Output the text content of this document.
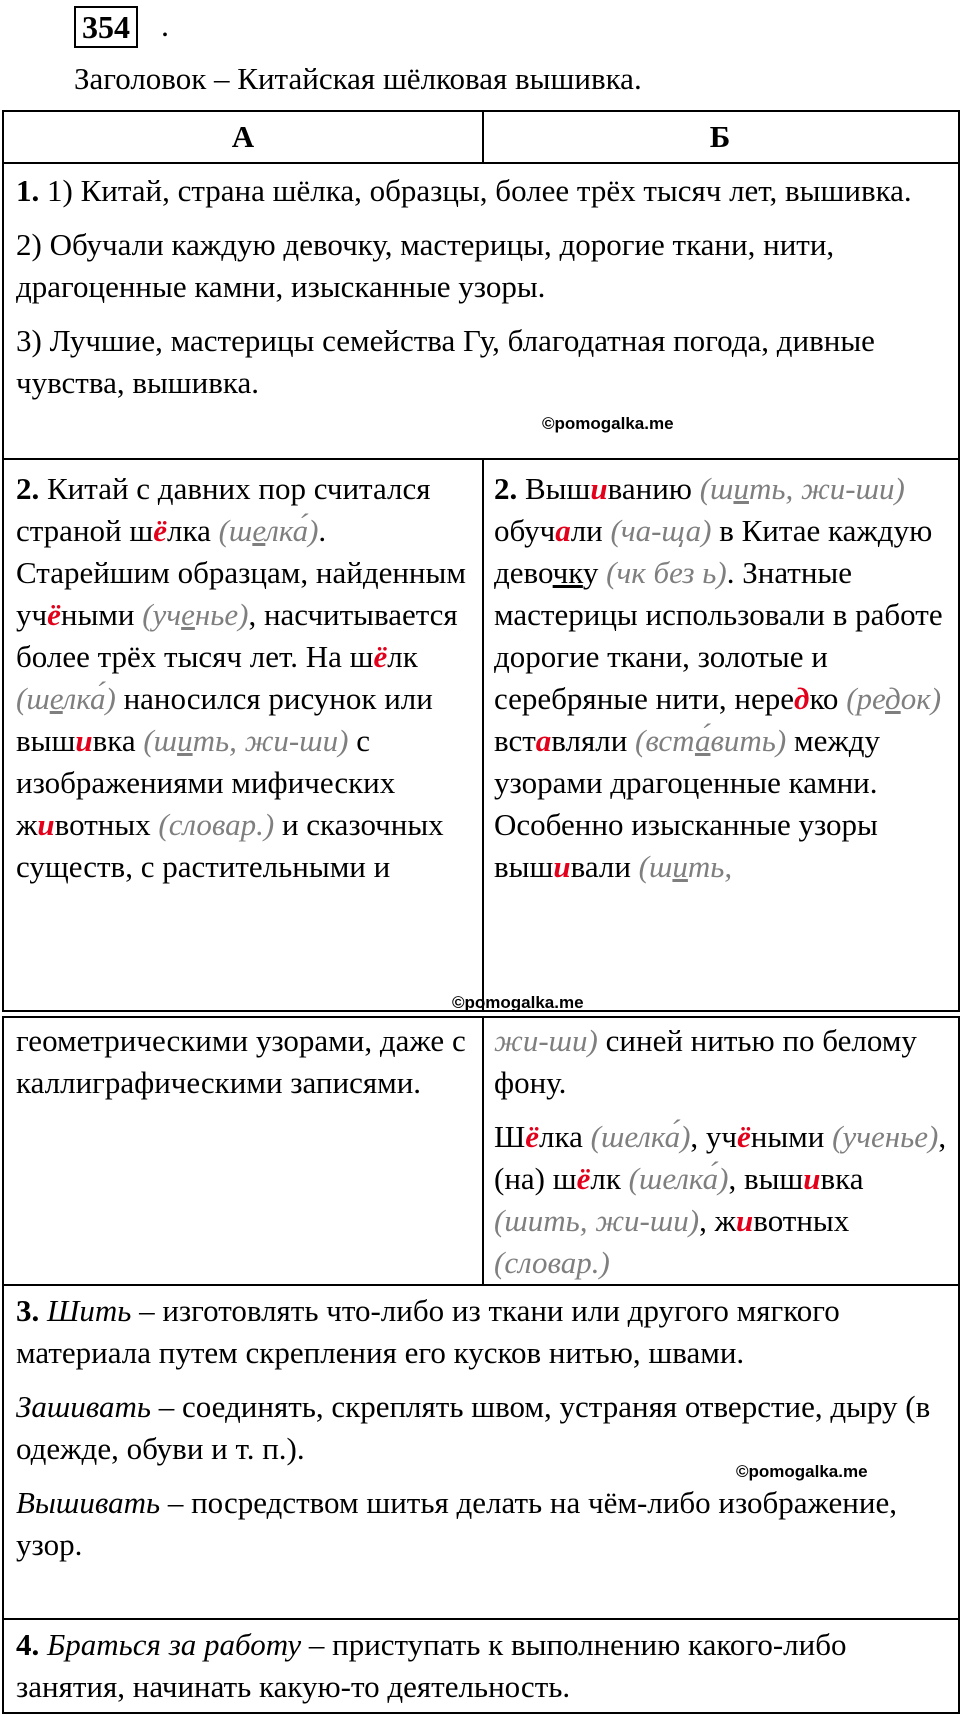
354 .
Заголовок – Китайская шёлковая вышивка.
А	Б

1. 1) Китай, страна шёлка, образцы, более трёх тысяч лет, вышивка.

2) Обучали каждую девочку, мастерицы, дорогие ткани, нити, драгоценные камни, изысканные узоры.

3) Лучшие, мастерицы семейства Гу, благодатная погода, дивные чувства, вышивка.

2. Китай с давних пор считался страной шёлка (шелка́). Старейшим образцам, найденным учёными (ученье), насчитывается более трёх тысяч лет. На шёлк (шелка́) наносился рисунок или вышивка (шить, жи-ши) с изображениями мифических животных (словар.) и сказочных существ, с растительными и

2. Вышиванию (шить, жи-ши) обучали (ча-ща) в Китае каждую девочку (чк без ь). Знатные мастерицы использовали в работе дорогие ткани, золотые и серебряные нити, нередко (редок) вставляли (вста́вить) между узорами драгоценные камни. Особенно изысканные узоры вышивали (шить,

©pomogalka.me
©pomogalka.me

геометрическими узорами, даже с каллиграфическими записями.

жи-ши) синей нитью по белому фону.

Шёлка (шелка́), учёными (ученье), (на) шёлк (шелка́), вышивка (шить, жи-ши), животных (словар.)

3. Шить – изготовлять что-либо из ткани или другого мягкого материала путем скрепления его кусков нитью, швами.

Зашивать – соединять, скреплять швом, устраняя отверстие, дыру (в одежде, обуви и т. п.).

Вышивать – посредством шитья делать на чём-либо изображение, узор.

4. Браться за работу – приступать к выполнению какого-либо занятия, начинать какую-то деятельность.

©pomogalka.me
